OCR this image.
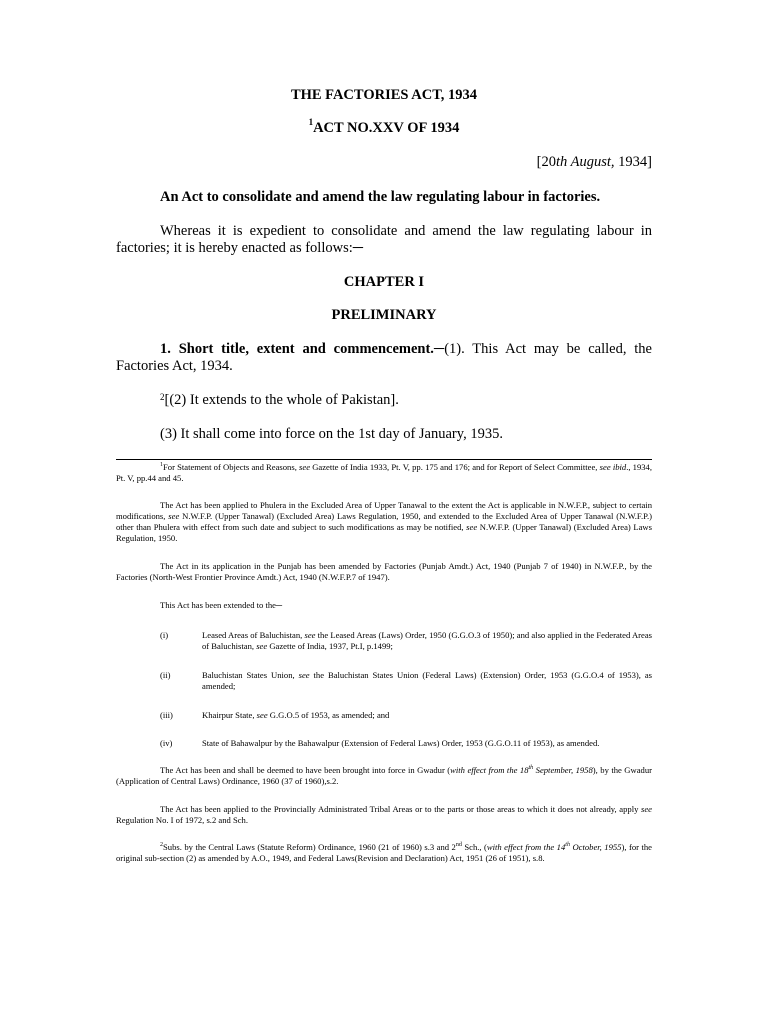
THE FACTORIES ACT, 1934
$^1$ACT NO.XXV OF 1934
[20th August, 1934]
An Act to consolidate and amend the law regulating labour in factories.
Whereas it is expedient to consolidate and amend the law regulating labour in factories; it is hereby enacted as follows:─
CHAPTER I
PRELIMINARY
1. Short title, extent and commencement.─(1). This Act may be called, the Factories Act, 1934.
$^2$[(2) It extends to the whole of Pakistan].
(3) It shall come into force on the 1st day of January, 1935.
$^1$For Statement of Objects and Reasons, see Gazette of India 1933, Pt. V, pp. 175 and 176; and for Report of Select Committee, see ibid., 1934, Pt. V, pp.44 and 45.
The Act has been applied to Phulera in the Excluded Area of Upper Tanawal to the extent the Act is applicable in N.W.F.P., subject to certain modifications, see N.W.F.P. (Upper Tanawal) (Excluded Area) Laws Regulation, 1950, and extended to the Excluded Area of Upper Tanawal (N.W.F.P.) other than Phulera with effect from such date and subject to such modifications as may be notified, see N.W.F.P. (Upper Tanawal) (Excluded Area) Laws Regulation, 1950.
The Act in its application in the Punjab has been amended by Factories (Punjab Amdt.) Act, 1940 (Punjab 7 of 1940) in N.W.F.P., by the Factories (North-West Frontier Province Amdt.) Act, 1940 (N.W.F.P.7 of 1947).
This Act has been extended to the─
(i)	Leased Areas of Baluchistan, see the Leased Areas (Laws) Order, 1950 (G.G.O.3 of 1950); and also applied in the Federated Areas of Baluchistan, see Gazette of India, 1937, Pt.I, p.1499;
(ii)	Baluchistan States Union, see the Baluchistan States Union (Federal Laws) (Extension) Order, 1953 (G.G.O.4 of 1953), as amended;
(iii)	Khairpur State, see G.G.O.5 of 1953, as amended; and
(iv)	State of Bahawalpur by the Bahawalpur (Extension of Federal Laws) Order, 1953 (G.G.O.11 of 1953), as amended.
The Act has been and shall be deemed to have been brought into force in Gwadur (with effect from the 18th September, 1958), by the Gwadur (Application of Central Laws) Ordinance, 1960 (37 of 1960),s.2.
The Act has been applied to the Provincially Administrated Tribal Areas or to the parts or those areas to which it does not already, apply see Regulation No. I of 1972, s.2 and Sch.
$^2$Subs. by the Central Laws (Statute Reform) Ordinance, 1960 (21 of 1960) s.3 and 2nd Sch., (with effect from the 14th October, 1955), for the original sub-section (2) as amended by A.O., 1949, and Federal Laws(Revision and Declaration) Act, 1951 (26 of 1951), s.8.
